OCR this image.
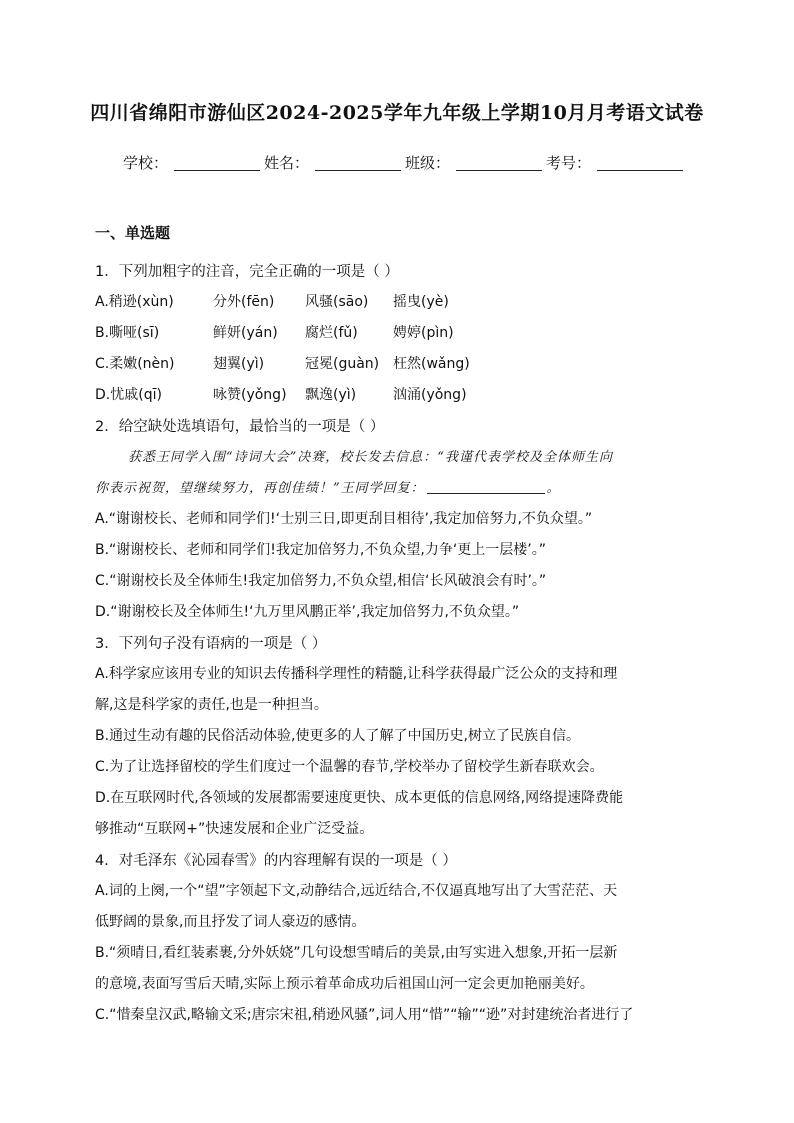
四川省绵阳市游仙区2024-2025学年九年级上学期10月月考语文试卷
学校：	姓名：	班级：	考号：
一、单选题
1．下列加粗字的注音，完全正确的一项是（ ）
A.稍逊(xùn)	分外(fēn) 风骚(sāo) 摇曳(yè)
B.嘶哑(sī)	鲜妍(yán) 腐烂(fǔ)	娉婷(pìn)
C.柔嫩(nèn)	翅翼(yì)	冠冕(guàn) 枉然(wǎng)
D.忧戚(qī)	咏赞(yǒng) 飘逸(yì)	汹涌(yǒng)
2．给空缺处选填语句，最恰当的一项是（ ）
获悉王同学入围“诗词大会”决赛，校长发去信息：“我谨代表学校及全体师生向
你表示祝贺，望继续努力，再创佳绩！”王同学回复：	。
A.“谢谢校长、老师和同学们!‘士别三日,即更刮目相待’,我定加倍努力,不负众望。”
B.“谢谢校长、老师和同学们!我定加倍努力,不负众望,力争‘更上一层楼’。”
C.“谢谢校长及全体师生!我定加倍努力,不负众望,相信‘长风破浪会有时’。”
D.“谢谢校长及全体师生!‘九万里风鹏正举’,我定加倍努力,不负众望。”
3．下列句子没有语病的一项是（ ）
A.科学家应该用专业的知识去传播科学理性的精髓,让科学获得最广泛公众的支持和理
解,这是科学家的责任,也是一种担当。
B.通过生动有趣的民俗活动体验,使更多的人了解了中国历史,树立了民族自信。
C.为了让选择留校的学生们度过一个温馨的春节,学校举办了留校学生新春联欢会。
D.在互联网时代,各领域的发展都需要速度更快、成本更低的信息网络,网络提速降费能
够推动“互联网+”快速发展和企业广泛受益。
4．对毛泽东《沁园春雪》的内容理解有误的一项是（ ）
A.词的上阕,一个“望”字领起下文,动静结合,远近结合,不仅逼真地写出了大雪茫茫、天
低野阔的景象,而且抒发了词人豪迈的感情。
B.“须晴日,看红装素裹,分外妖娆”几句设想雪晴后的美景,由写实进入想象,开拓一层新
的意境,表面写雪后天晴,实际上预示着革命成功后祖国山河一定会更加艳丽美好。
C.“惜秦皇汉武,略输文采;唐宗宋祖,稍逊风骚”,词人用“惜”“输”“逊”对封建统治者进行了
